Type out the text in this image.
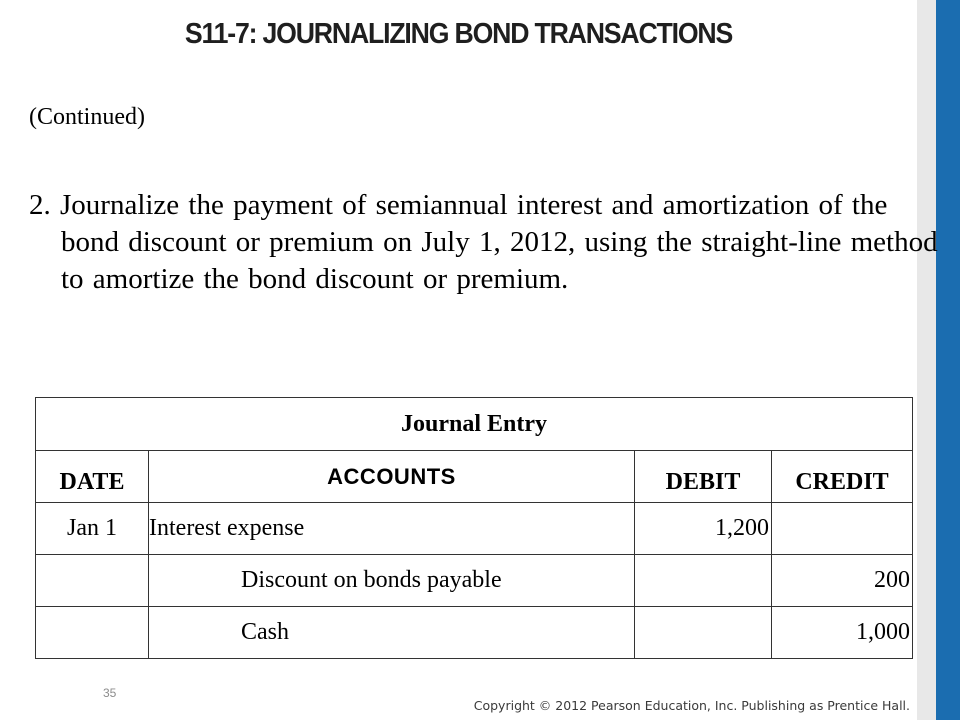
S11-7: JOURNALIZING BOND TRANSACTIONS
(Continued)
2. Journalize the payment of semiannual interest and amortization of the bond discount or premium on July 1, 2012, using the straight-line method to amortize the bond discount or premium.
Journal Entry			
DATE	ACCOUNTS	DEBIT	CREDIT
Jan 1	Interest expense	1,200	
	Discount on bonds payable		200
	Cash		1,000
35
Copyright © 2012 Pearson Education, Inc. Publishing as Prentice Hall.
